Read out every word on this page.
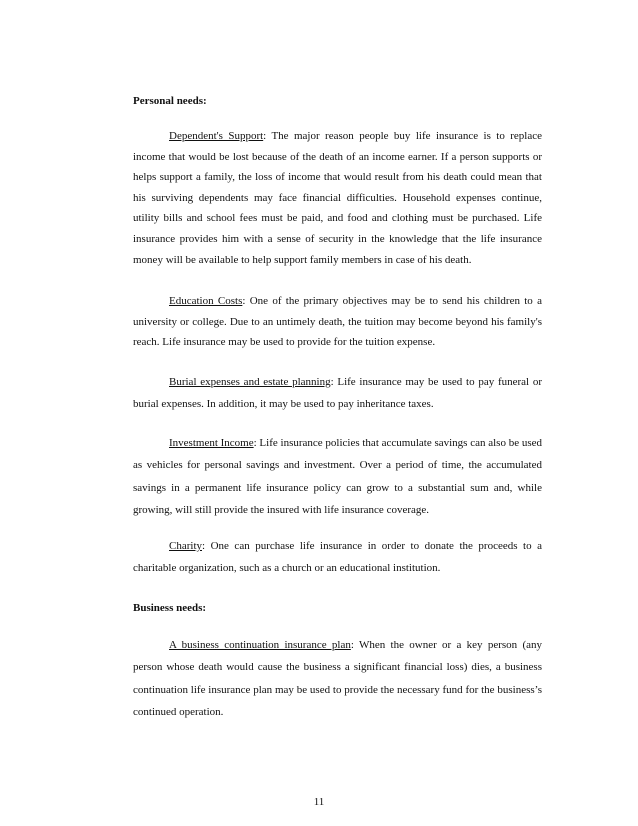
Personal needs:

Dependent's Support: The major reason people buy life insurance is to replace income that would be lost because of the death of an income earner. If a person supports or helps support a family, the loss of income that would result from his death could mean that his surviving dependents may face financial difficulties. Household expenses continue, utility bills and school fees must be paid, and food and clothing must be purchased. Life insurance provides him with a sense of security in the knowledge that the life insurance money will be available to help support family members in case of his death.

Education Costs: One of the primary objectives may be to send his children to a university or college. Due to an untimely death, the tuition may become beyond his family's reach. Life insurance may be used to provide for the tuition expense.

Burial expenses and estate planning: Life insurance may be used to pay funeral or burial expenses. In addition, it may be used to pay inheritance taxes.

Investment Income: Life insurance policies that accumulate savings can also be used as vehicles for personal savings and investment. Over a period of time, the accumulated savings in a permanent life insurance policy can grow to a substantial sum and, while growing, will still provide the insured with life insurance coverage.

Charity: One can purchase life insurance in order to donate the proceeds to a charitable organization, such as a church or an educational institution.

Business needs:

A business continuation insurance plan: When the owner or a key person (any person whose death would cause the business a significant financial loss) dies, a business continuation life insurance plan may be used to provide the necessary fund for the business’s continued operation.

11
